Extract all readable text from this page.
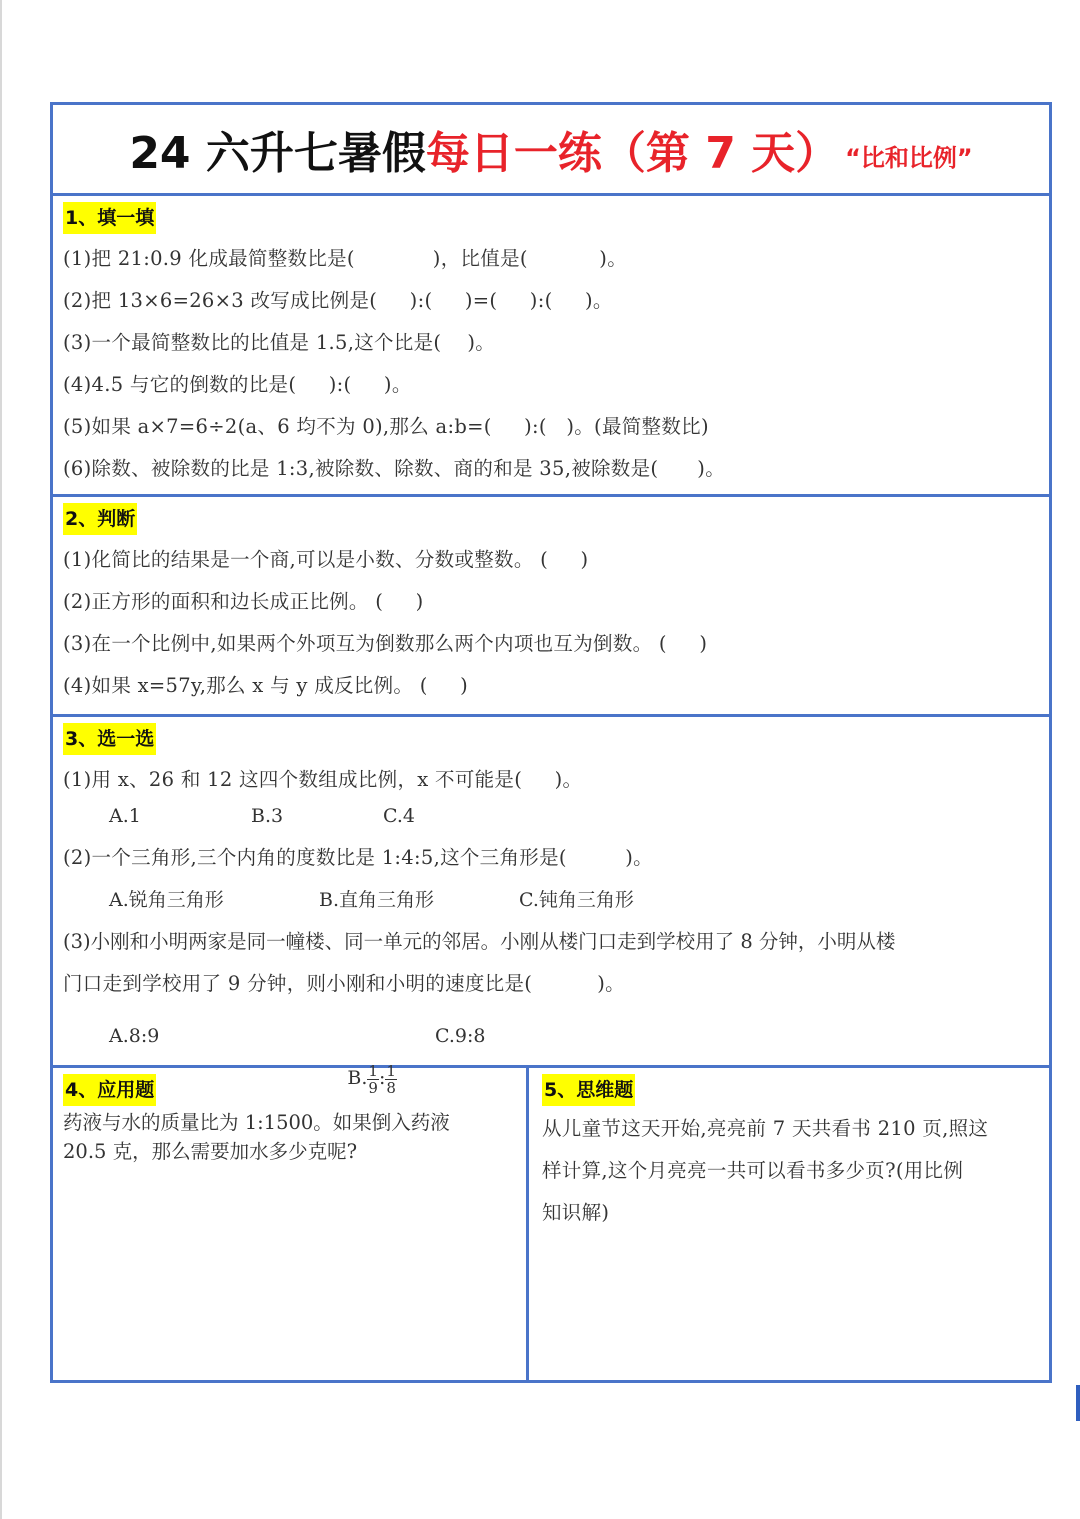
24 六升七暑假 每日一练（第 7 天） “比和比例”
1、填一填
(1)把 21:0.9 化成最简整数比是(            )，比值是(           )。
(2)把 13×6=26×3 改写成比例是(     ):(     )=(     ):(     )。
(3)一个最简整数比的比值是 1.5,这个比是(    )。
(4)4.5 与它的倒数的比是(     ):(     )。
(5)如果 a×7=6÷2(a、6 均不为 0),那么 a:b=(     ):(   )。(最简整数比)
(6)除数、被除数的比是 1:3,被除数、除数、商的和是 35,被除数是(      )。
2、判断
(1)化简比的结果是一个商,可以是小数、分数或整数。 (     )
(2)正方形的面积和边长成正比例。 (     )
(3)在一个比例中,如果两个外项互为倒数那么两个内项也互为倒数。 (     )
(4)如果 x=57y,那么 x 与 y 成反比例。 (     )
3、选一选
(1)用 x、26 和 12 这四个数组成比例，x 不可能是(     )。
A.1	B.3	C.4
(2)一个三角形,三个内角的度数比是 1:4:5,这个三角形是(         )。
A.锐角三角形	B.直角三角形	C.钝角三角形
(3)小刚和小明两家是同一幢楼、同一单元的邻居。小刚从楼门口走到学校用了 8 分钟，小明从楼
门口走到学校用了 9 分钟，则小刚和小明的速度比是(          )。
A.8:9

B. $\frac{1}{9}$ : $\frac{1}{8}$

C.9:8
4、应用题
药液与水的质量比为 1:1500。如果倒入药液
20.5 克，那么需要加水多少克呢?
5、思维题
从儿童节这天开始,亮亮前 7 天共看书 210 页,照这
样计算,这个月亮亮一共可以看书多少页?(用比例
知识解)
